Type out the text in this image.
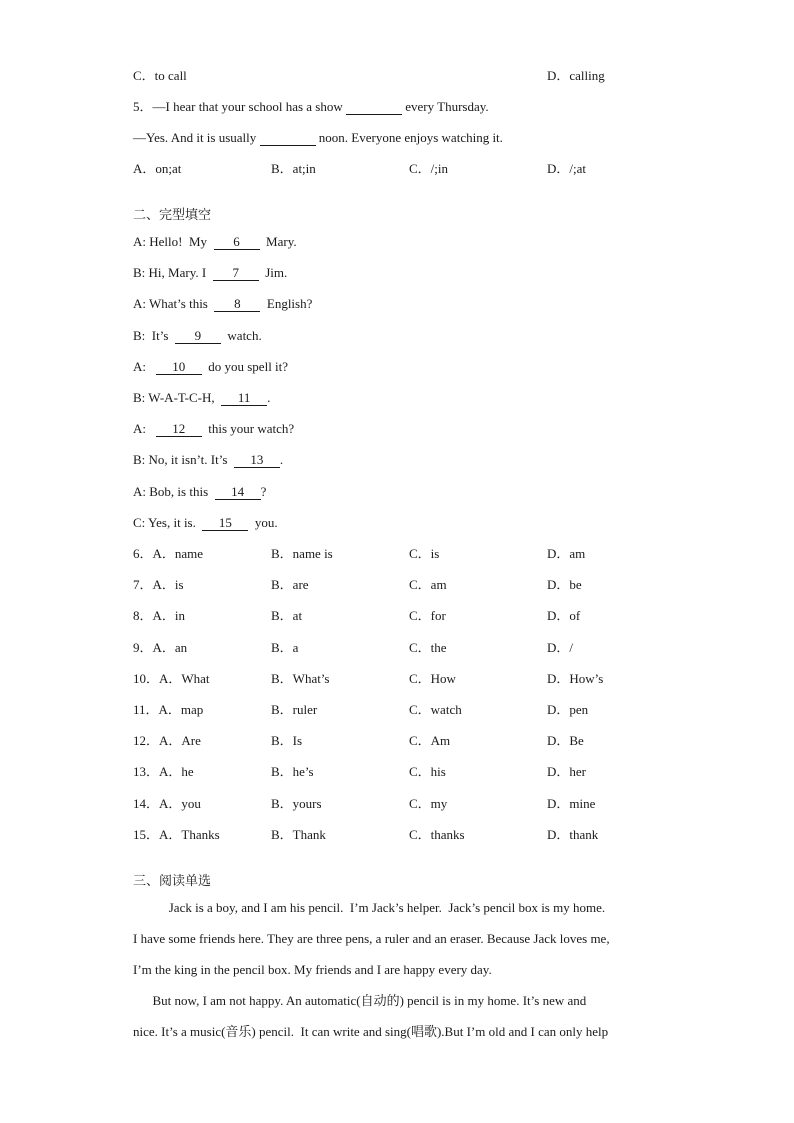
C．to call	D．calling
5．—I hear that your school has a show	every Thursday.
—Yes. And it is usually	noon. Everyone enjoys watching it.
A．on;at	B．at;in	C．/;in	D．/;at
二、完型填空
A: Hello!  My  6  Mary.
B: Hi, Mary. I  7  Jim.
A: What’s this  8  English?
B:  It’s  9  watch.
A:   10  do you spell it?
B: W-A-T-C-H,  11 .
A:   12  this your watch?
B: No, it isn’t. It’s  13 .
A: Bob, is this  14 ?
C: Yes, it is.  15  you.
6．A．name	B．name is	C．is	D．am
7．A．is	B．are	C．am	D．be
8．A．in	B．at	C．for	D．of
9．A．an	B．a	C．the	D．/
10．A．What	B．What’s	C．How	D．How’s
11．A．map	B．ruler	C．watch	D．pen
12．A．Are	B．Is	C．Am	D．Be
13．A．he	B．he’s	C．his	D．her
14．A．you	B．yours	C．my	D．mine
15．A．Thanks	B．Thank	C．thanks	D．thank
三、阅读单选
Jack is a boy, and I am his pencil.  I’m Jack’s helper.  Jack’s pencil box is my home.
I have some friends here. They are three pens, a ruler and an eraser. Because Jack loves me,
I’m the king in the pencil box. My friends and I are happy every day.
But now, I am not happy. An automatic(自动的) pencil is in my home. It’s new and
nice. It’s a music(音乐) pencil.  It can write and sing(唱歌).But I’m old and I can only help
